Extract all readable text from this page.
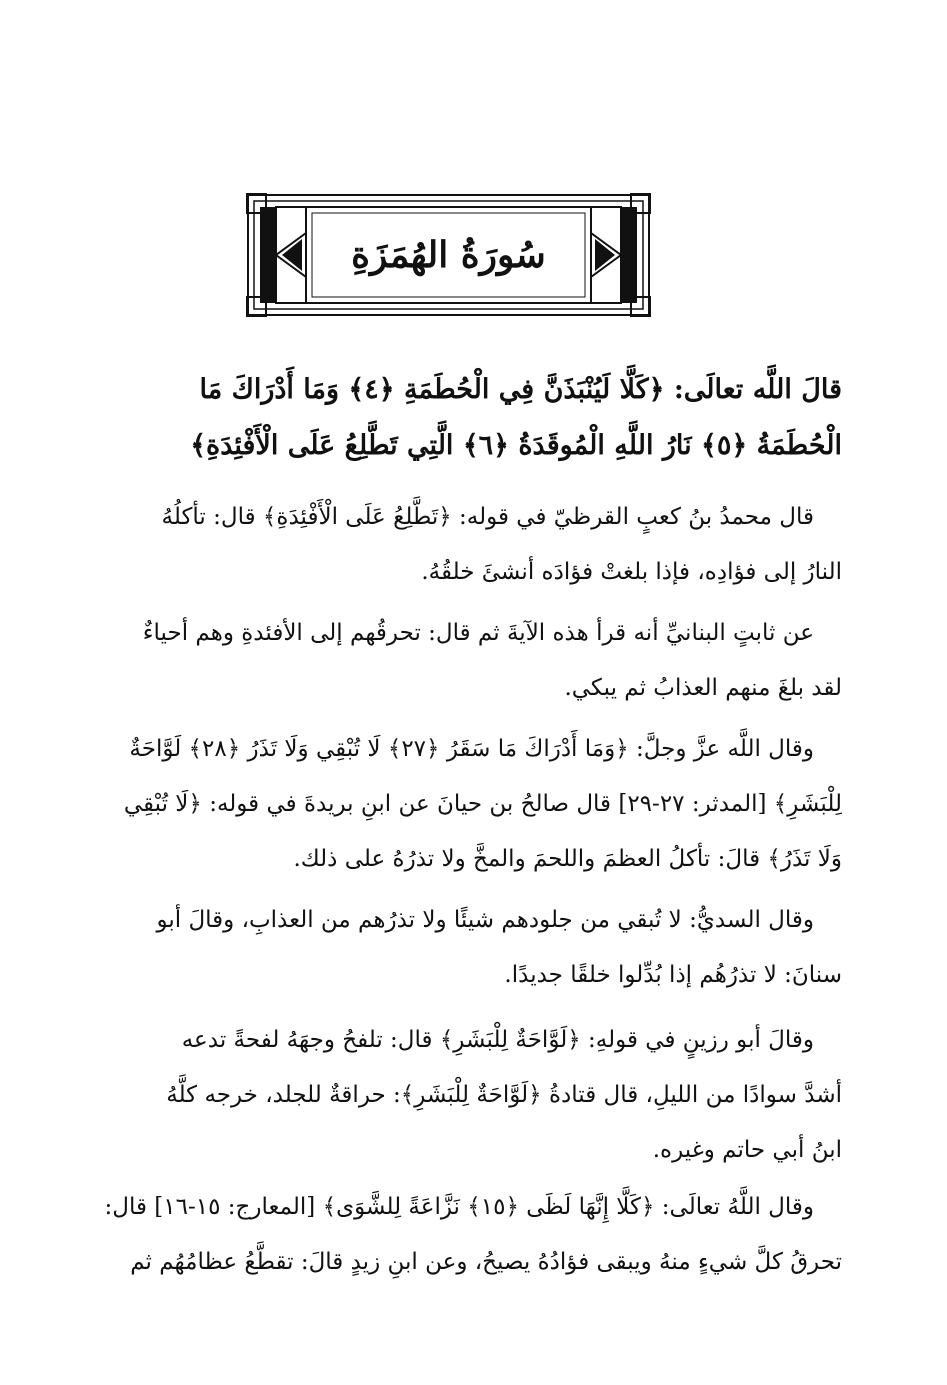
سُورَةُ الهُمَزَةِ
قالَ اللَّه تعالَى: ﴿كَلَّا لَيُنْبَذَنَّ فِي الْحُطَمَةِ ﴿٤﴾ وَمَا أَدْرَاكَ مَا
الْحُطَمَةُ ﴿٥﴾ نَارُ اللَّهِ الْمُوقَدَةُ ﴿٦﴾ الَّتِي تَطَّلِعُ عَلَى الْأَفْئِدَةِ﴾
قال محمدُ بنُ كعبٍ القرظيّ في قوله: ﴿تَطَّلِعُ عَلَى الْأَفْئِدَةِ﴾ قال: تأكلُهُ
النارُ إلى فؤادِه، فإذا بلغتْ فؤادَه أنشئَ خلقُهُ.
عن ثابتٍ البنانيِّ أنه قرأ هذه الآيةَ ثم قال: تحرقُهم إلى الأفئدةِ وهم أحياءٌ
لقد بلغَ منهم العذابُ ثم يبكي.
وقال اللَّه عزَّ وجلَّ: ﴿وَمَا أَدْرَاكَ مَا سَقَرُ ﴿٢٧﴾ لَا تُبْقِي وَلَا تَذَرُ ﴿٢٨﴾ لَوَّاحَةٌ
لِلْبَشَرِ﴾ [المدثر: ٢٧-٢٩] قال صالحُ بن حيانَ عن ابنِ بريدةَ في قوله: ﴿لَا تُبْقِي
وَلَا تَذَرُ﴾ قالَ: تأكلُ العظمَ واللحمَ والمخَّ ولا تذرُهُ على ذلك.
وقال السديُّ: لا تُبقي من جلودهم شيئًا ولا تذرُهم من العذابِ، وقالَ أبو
سنانَ: لا تذرُهُم إذا بُدِّلوا خلقًا جديدًا.
وقالَ أبو رزينٍ في قولهِ: ﴿لَوَّاحَةٌ لِلْبَشَرِ﴾ قال: تلفحُ وجهَهُ لفحةً تدعه
أشدَّ سوادًا من الليلِ، قال قتادةُ ﴿لَوَّاحَةٌ لِلْبَشَرِ﴾: حراقةٌ للجلد، خرجه كلَّهُ
ابنُ أبي حاتم وغيره.
وقال اللَّهُ تعالَى: ﴿كَلَّا إِنَّهَا لَظَى ﴿١٥﴾ نَزَّاعَةً لِلشَّوَى﴾ [المعارج: ١٥-١٦] قال:
تحرقُ كلَّ شيءٍ منهُ ويبقى فؤادُهُ يصيحُ، وعن ابنِ زيدٍ قالَ: تقطَّعُ عظامُهُم ثم
